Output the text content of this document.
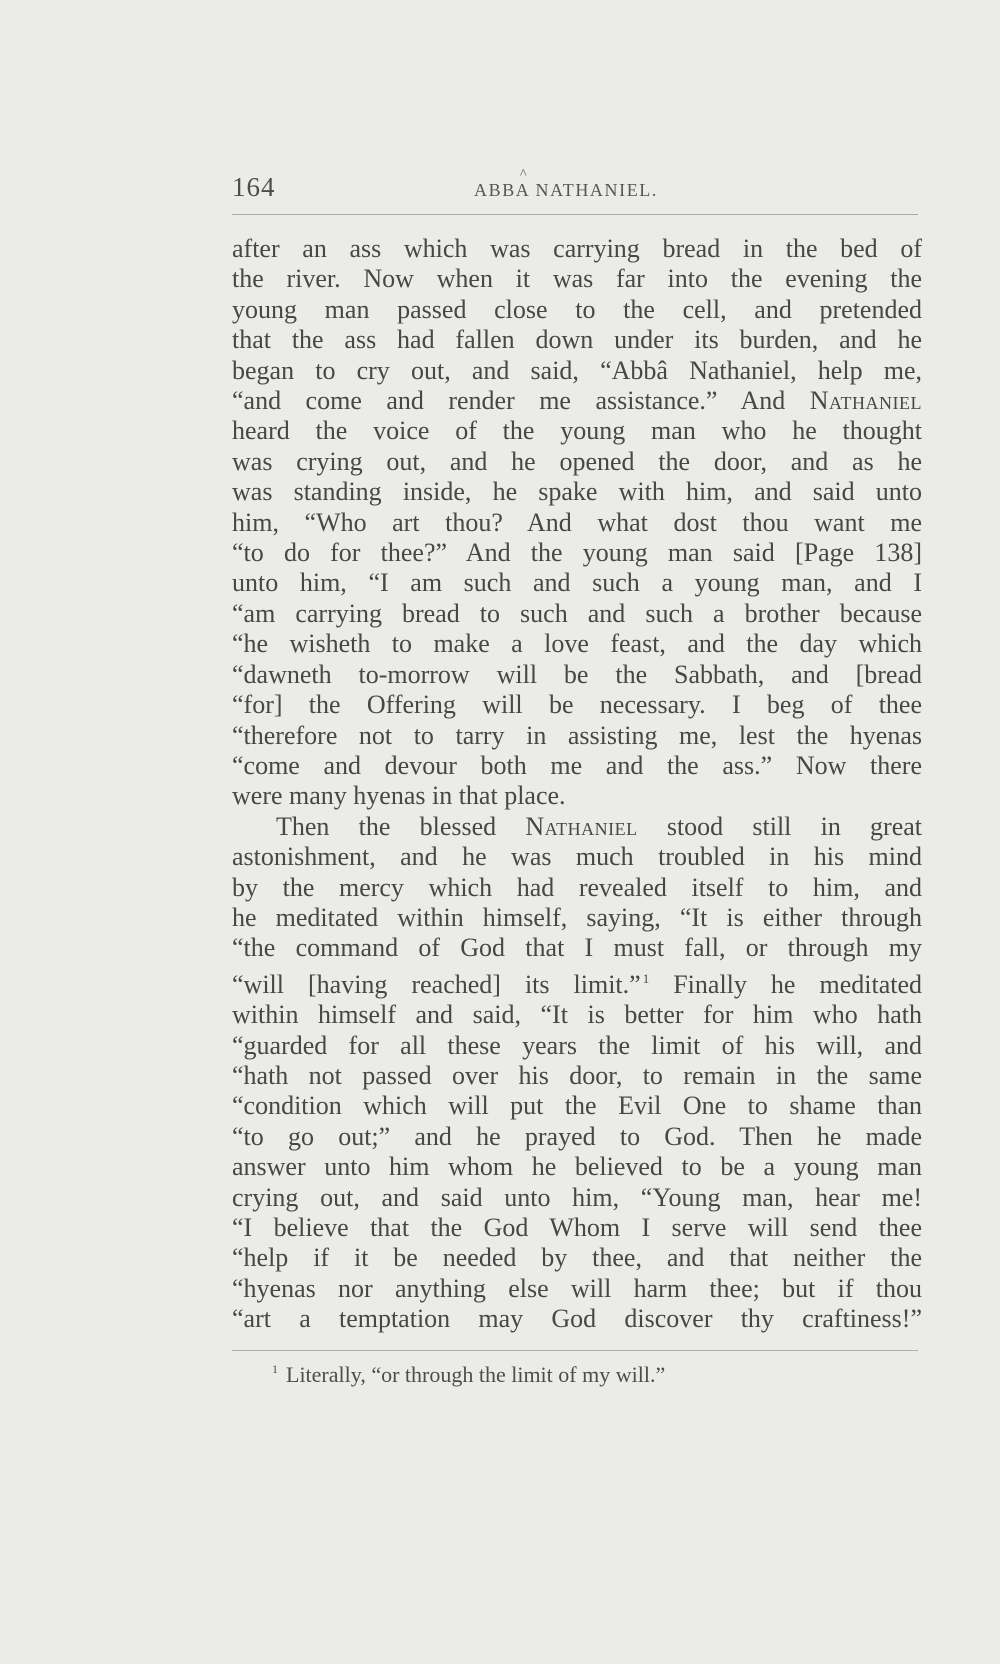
164	ABBA NATHANIEL.
^
after an ass which was carrying bread in the bed of
the river. Now when it was far into the evening the
young man passed close to the cell, and pretended
that the ass had fallen down under its burden, and he
began to cry out, and said, “Abbâ Nathaniel, help me,
“and come and render me assistance.” And Nathaniel
heard the voice of the young man who he thought
was crying out, and he opened the door, and as he
was standing inside, he spake with him, and said unto
him, “Who art thou? And what dost thou want me
“to do for thee?” And the young man said [Page 138]
unto him, “I am such and such a young man, and I
“am carrying bread to such and such a brother because
“he wisheth to make a love feast, and the day which
“dawneth to-morrow will be the Sabbath, and [bread
“for] the Offering will be necessary. I beg of thee
“therefore not to tarry in assisting me, lest the hyenas
“come and devour both me and the ass.” Now there
were many hyenas in that place.
Then the blessed Nathaniel stood still in great
astonishment, and he was much troubled in his mind
by the mercy which had revealed itself to him, and
he meditated within himself, saying, “It is either through
“the command of God that I must fall, or through my
“will [having reached] its limit.” $^1$ Finally he meditated
within himself and said, “It is better for him who hath
“guarded for all these years the limit of his will, and
“hath not passed over his door, to remain in the same
“condition which will put the Evil One to shame than
“to go out;” and he prayed to God. Then he made
answer unto him whom he believed to be a young man
crying out, and said unto him, “Young man, hear me!
“I believe that the God Whom I serve will send thee
“help if it be needed by thee, and that neither the
“hyenas nor anything else will harm thee; but if thou
“art a temptation may God discover thy craftiness!”
$^1$ Literally, “or through the limit of my will.”
